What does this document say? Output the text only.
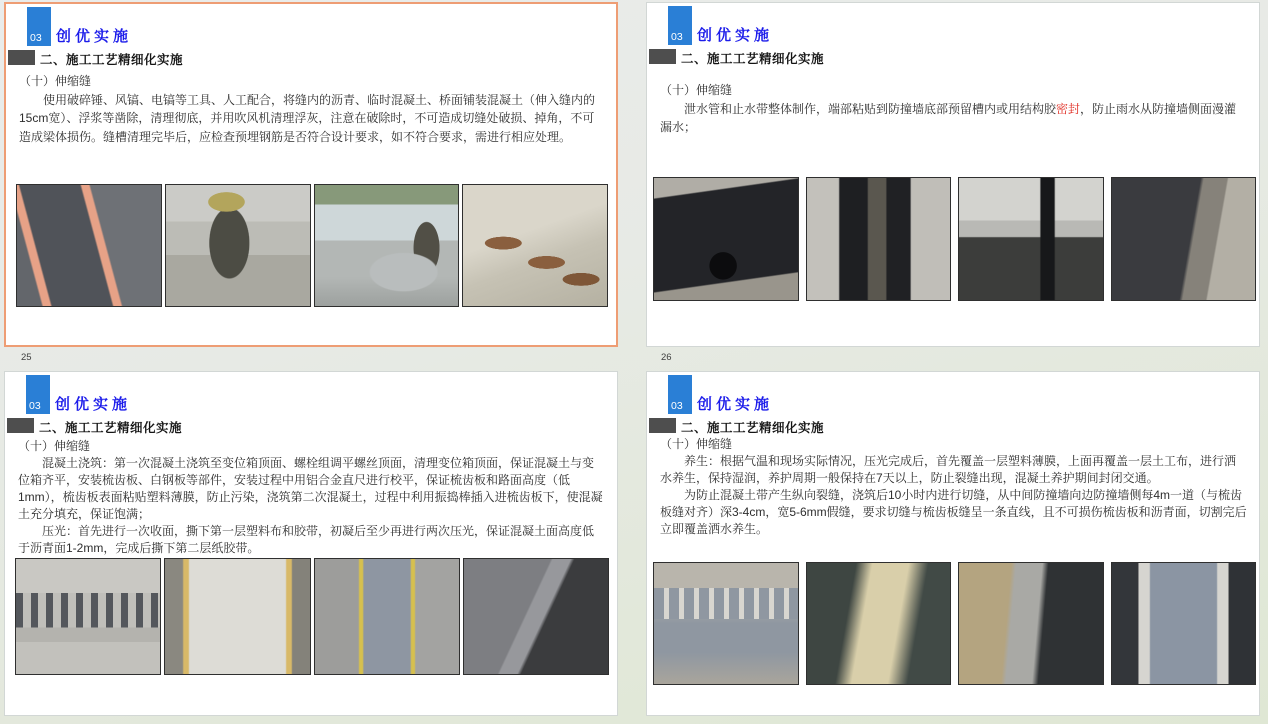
03 创优实施
二、施工工艺精细化实施

（十）伸缩缝

使用破碎锤、风镐、电镐等工具、人工配合，将缝内的沥青、临时混凝土、桥面铺装混凝土（伸入缝内的15cm宽）、浮浆等凿除，清理彻底，并用吹风机清理浮灰，注意在破除时，不可造成切缝处破损、掉角，不可造成梁体损伤。缝槽清理完毕后，应检查预埋钢筋是否符合设计要求，如不符合要求，需进行相应处理。

25
03 创优实施
二、施工工艺精细化实施

（十）伸缩缝

泄水管和止水带整体制作，端部粘贴到防撞墙底部预留槽内或用结构胶密封，防止雨水从防撞墙侧面漫灌漏水；

26
03 创优实施
二、施工工艺精细化实施

（十）伸缩缝

混凝土浇筑：第一次混凝土浇筑至变位箱顶面、螺栓组调平螺丝顶面，清理变位箱顶面，保证混凝土与变位箱齐平，安装梳齿板、白钢板等部件，安装过程中用铝合金直尺进行校平，保证梳齿板和路面高度（低1mm），梳齿板表面粘贴塑料薄膜，防止污染，浇筑第二次混凝土，过程中利用振捣棒插入进梳齿板下，使混凝土充分填充，保证饱满；

压光：首先进行一次收面，撕下第一层塑料布和胶带，初凝后至少再进行两次压光，保证混凝土面高度低于沥青面1-2mm，完成后撕下第二层纸胶带。

03 创优实施
二、施工工艺精细化实施

（十）伸缩缝

养生：根据气温和现场实际情况，压光完成后，首先覆盖一层塑料薄膜，上面再覆盖一层土工布，进行洒水养生，保持湿润，养护周期一般保持在7天以上，防止裂缝出现，混凝土养护期间封闭交通。

为防止混凝土带产生纵向裂缝，浇筑后10小时内进行切缝，从中间防撞墙向边防撞墙侧每4m一道（与梳齿板缝对齐）深3-4cm，宽5-6mm假缝，要求切缝与梳齿板缝呈一条直线，且不可损伤梳齿板和沥青面，切割完后立即覆盖洒水养生。
